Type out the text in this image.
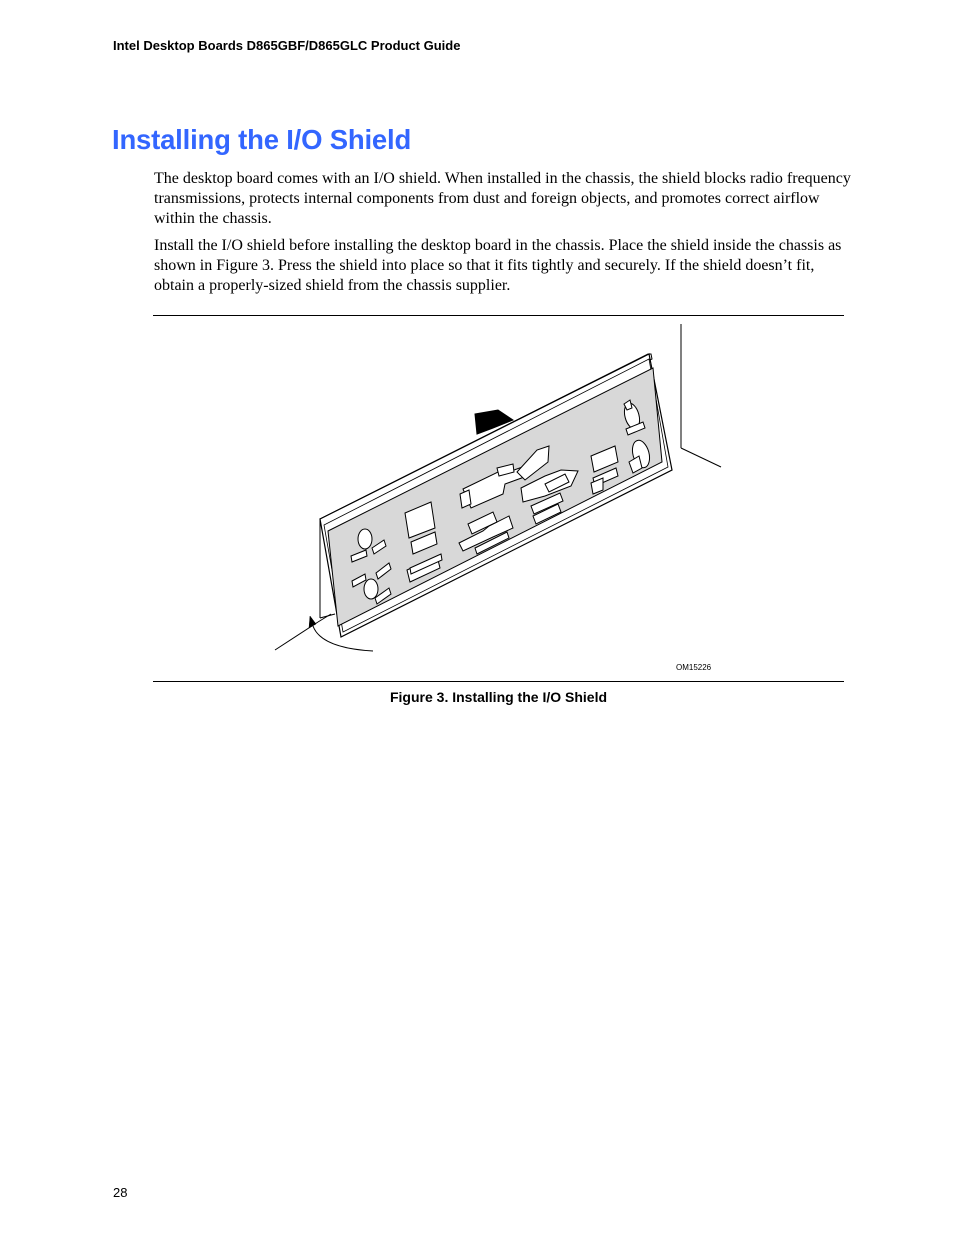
Intel Desktop Boards D865GBF/D865GLC Product Guide
Installing the I/O Shield

The desktop board comes with an I/O shield. When installed in the chassis, the shield blocks radio frequency transmissions, protects internal components from dust and foreign objects, and promotes correct airflow within the chassis.

Install the I/O shield before installing the desktop board in the chassis. Place the shield inside the chassis as shown in Figure 3. Press the shield into place so that it fits tightly and securely. If the shield doesn’t fit, obtain a properly-sized shield from the chassis supplier.

OM15226
Figure 3. Installing the I/O Shield
28
